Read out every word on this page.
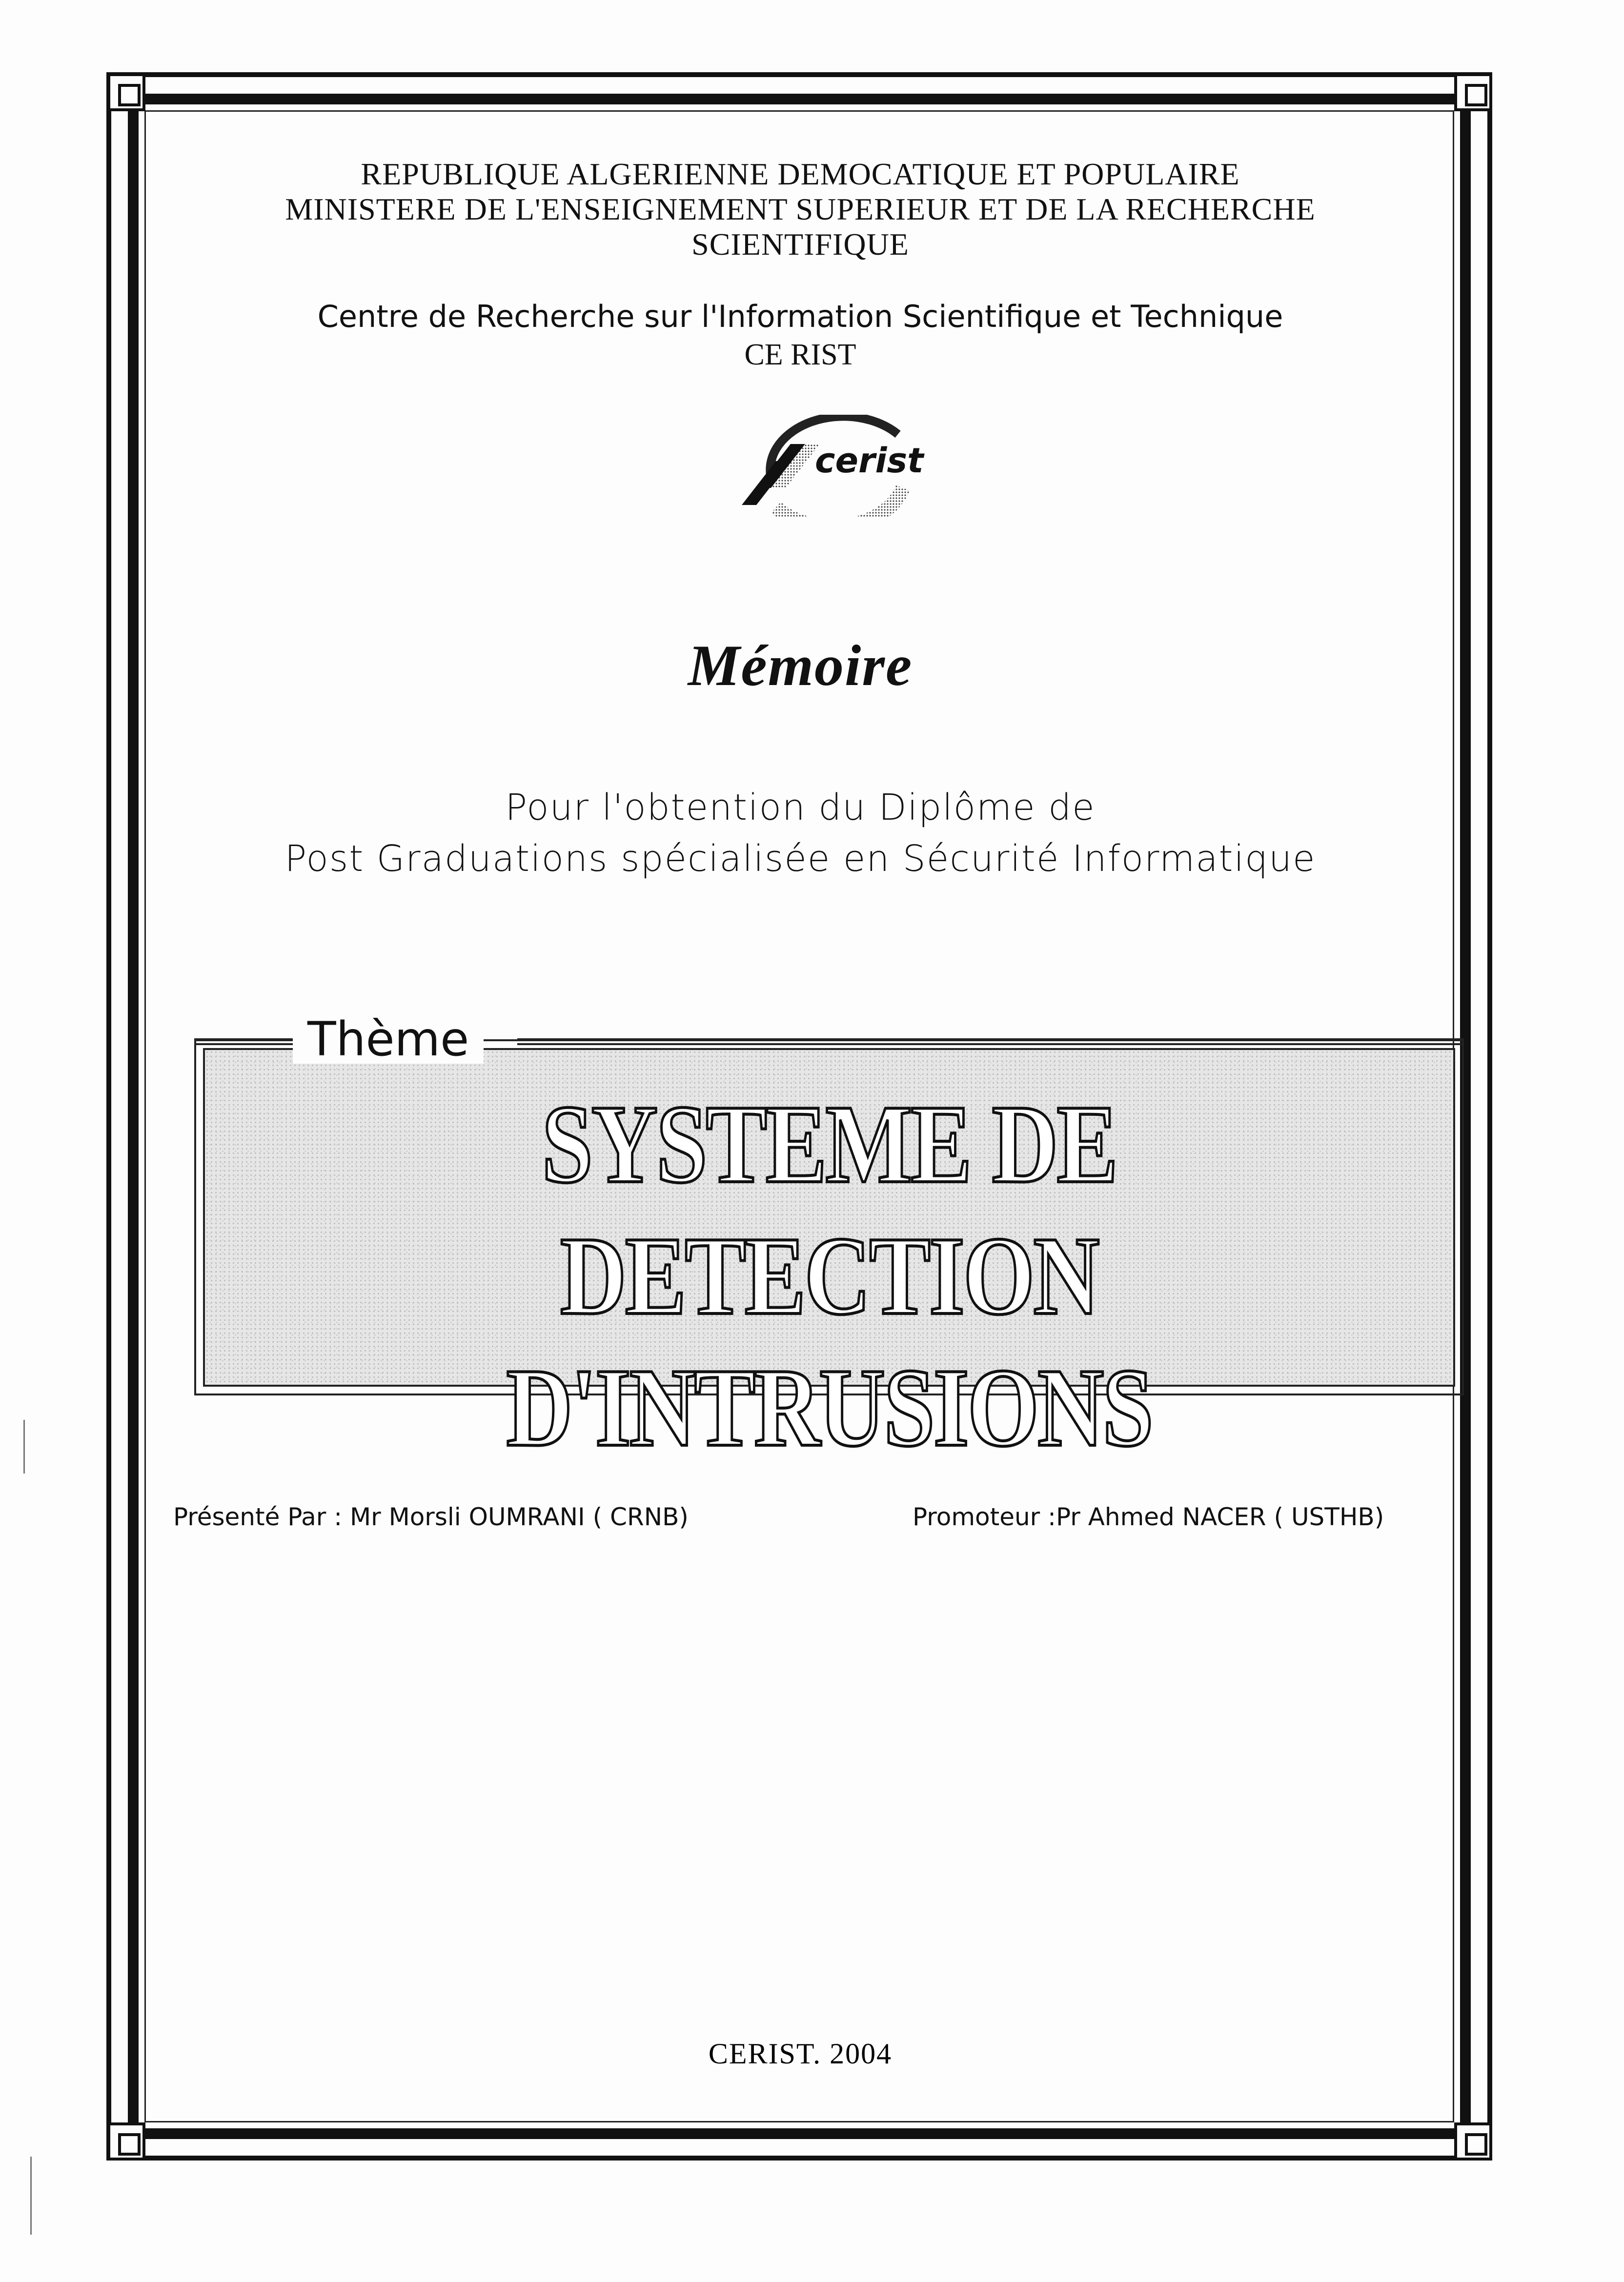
REPUBLIQUE ALGERIENNE DEMOCATIQUE ET POPULAIRE
MINISTERE DE L'ENSEIGNEMENT SUPERIEUR ET DE LA RECHERCHE
SCIENTIFIQUE
Centre de Recherche sur l'Information Scientifique et Technique
CE RIST
cerist
Mémoire
Pour l'obtention du Diplôme de
Post Graduations spécialisée en Sécurité Informatique
Thème
SYSTEME DE DETECTION D'INTRUSIONS
Présenté Par : Mr Morsli OUMRANI ( CRNB)	Promoteur :Pr Ahmed NACER ( USTHB)
CERIST. 2004
